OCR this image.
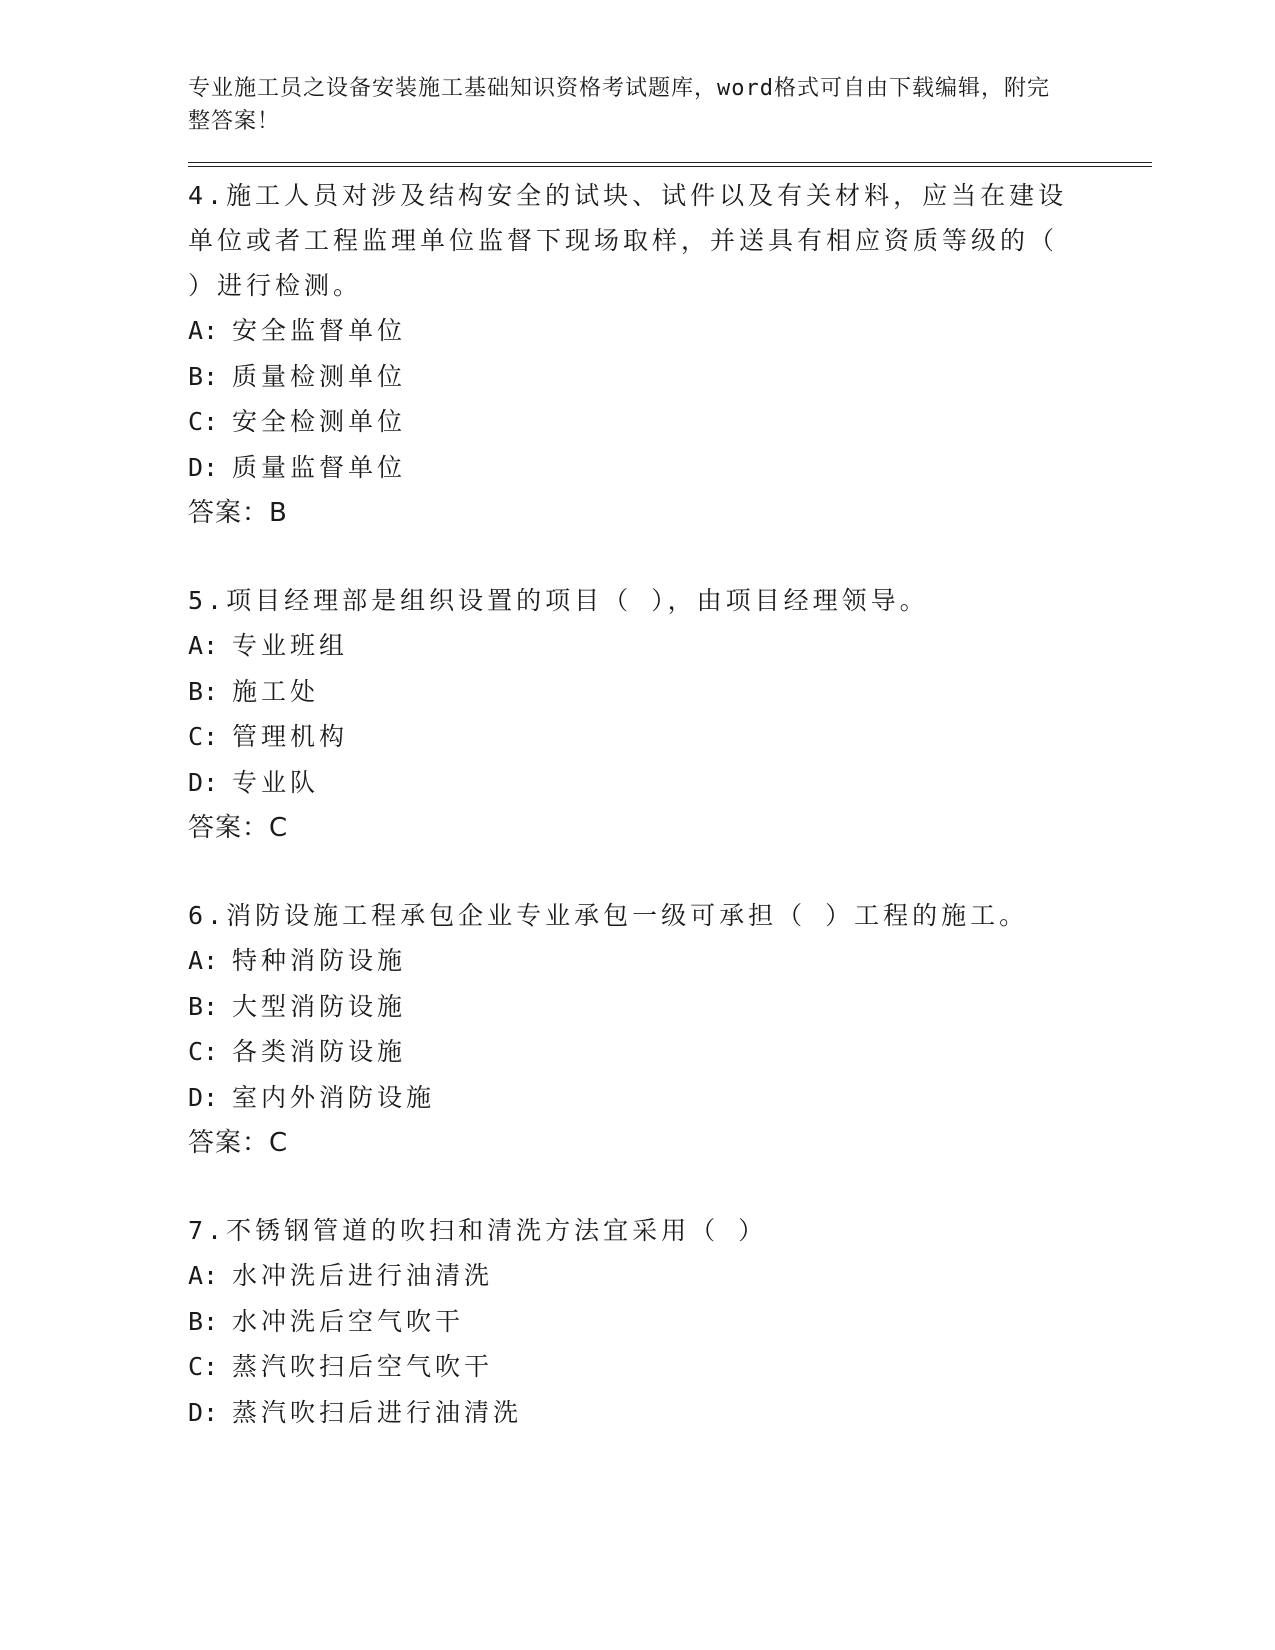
专业施工员之设备安装施工基础知识资格考试题库，word格式可自由下载编辑，附完整答案！

4.施工人员对涉及结构安全的试块、试件以及有关材料，应当在建设单位或者工程监理单位监督下现场取样，并送具有相应资质等级的（ ）进行检测。

A: 安全监督单位

B: 质量检测单位

C: 安全检测单位

D: 质量监督单位

答案：B

5.项目经理部是组织设置的项目（ ），由项目经理领导。

A: 专业班组

B: 施工处

C: 管理机构

D: 专业队

答案：C

6.消防设施工程承包企业专业承包一级可承担（ ）工程的施工。

A: 特种消防设施

B: 大型消防设施

C: 各类消防设施

D: 室内外消防设施

答案：C

7.不锈钢管道的吹扫和清洗方法宜采用（ ）

A: 水冲洗后进行油清洗

B: 水冲洗后空气吹干

C: 蒸汽吹扫后空气吹干

D: 蒸汽吹扫后进行油清洗
